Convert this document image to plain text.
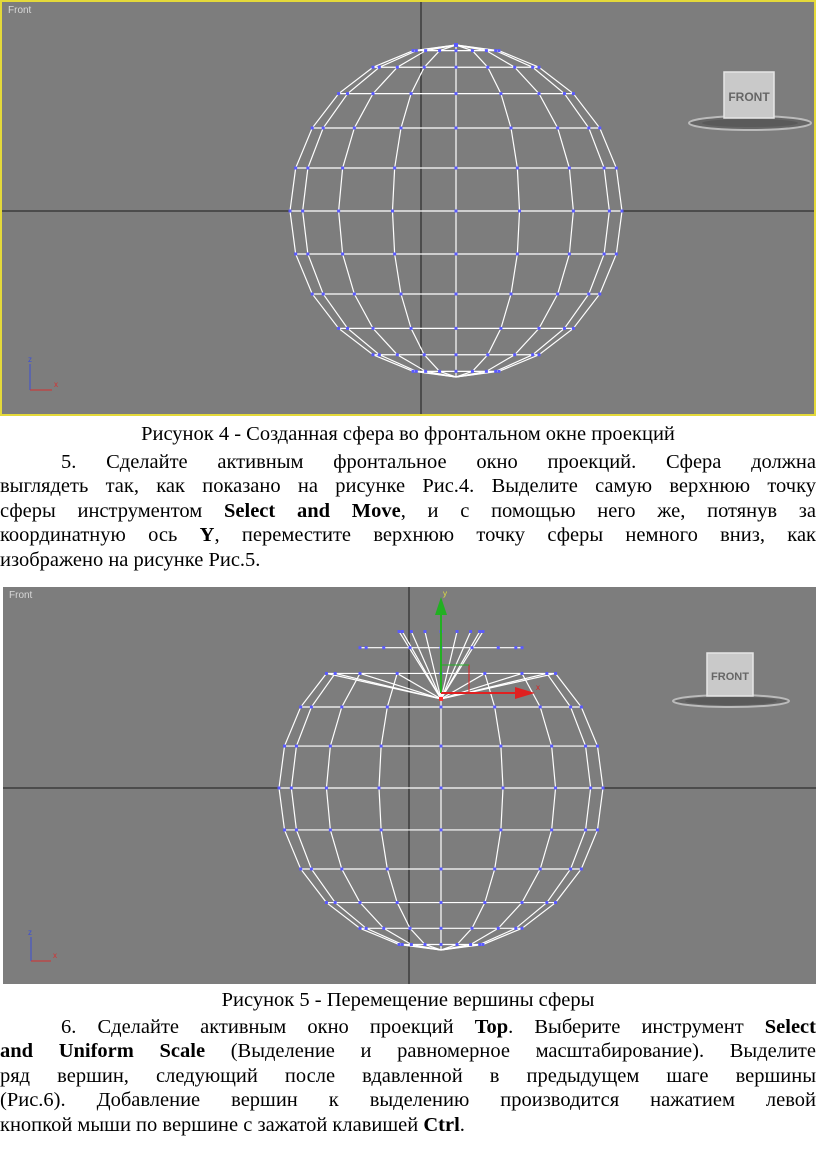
Front
FRONT
z
x
Рисунок 4 - Созданная сфера во фронтальном окне проекций
5. Сделайте активным фронтальное окно проекций. Сфера должна
выглядеть так, как показано на рисунке Рис.4. Выделите самую верхнюю точку
сферы инструментом Select and Move, и с помощью него же, потянув за
координатную ось Y, переместите верхнюю точку сферы немного вниз, как
изображено на рисунке Рис.5.
Front
FRONT
y
x
z
x
Рисунок 5 - Перемещение вершины сферы
6. Сделайте активным окно проекций Top. Выберите инструмент Select
and Uniform Scale (Выделение и равномерное масштабирование). Выделите
ряд вершин, следующий после вдавленной в предыдущем шаге вершины
(Рис.6). Добавление вершин к выделению производится нажатием левой
кнопкой мыши по вершине с зажатой клавишей Ctrl.
